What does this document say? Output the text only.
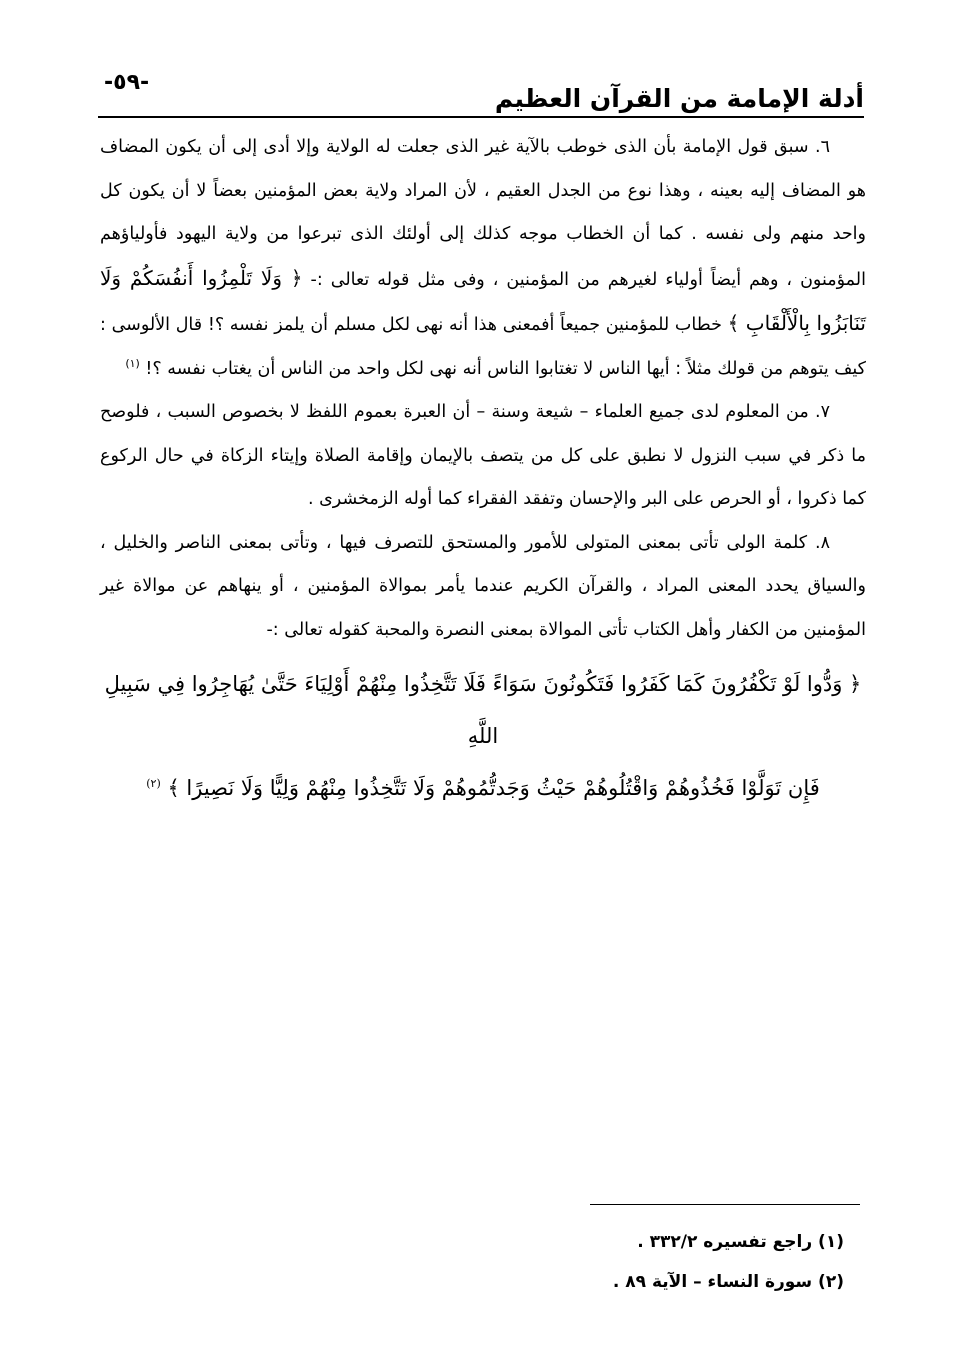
أدلة الإمامة من القرآن العظيم
-٥٩-

٦. سبق قول الإمامة بأن الذى خوطب بالآية غير الذى جعلت له الولاية وإلا أدى إلى أن يكون المضاف هو المضاف إليه بعينه ، وهذا نوع من الجدل العقيم ، لأن المراد ولاية بعض المؤمنين بعضاً لا أن يكون كل واحد منهم ولى نفسه . كما أن الخطاب موجه كذلك إلى أولئك الذى تبرعوا من ولاية اليهود فأولياؤهم المؤمنون ، وهم أيضاً أولياء لغيرهم من المؤمنين ، وفى مثل قوله تعالى :- ﴿ وَلَا تَلْمِزُوا أَنفُسَكُمْ وَلَا تَنَابَزُوا بِالْأَلْقَابِ ﴾ خطاب للمؤمنين جميعاً أفمعنى هذا أنه نهى لكل مسلم أن يلمز نفسه ؟! قال الألوسى : كيف يتوهم من قولك مثلاً : أيها الناس لا تغتابوا الناس أنه نهى لكل واحد من الناس أن يغتاب نفسه ؟! $^{(١)}$

٧. من المعلوم لدى جميع العلماء – شيعة وسنة – أن العبرة بعموم اللفظ لا بخصوص السبب ، فلوصح ما ذكر في سبب النزول لا نطبق على كل من يتصف بالإيمان وإقامة الصلاة وإيتاء الزكاة في حال الركوع كما ذكروا ، أو الحرص على البر والإحسان وتفقد الفقراء كما أوله الزمخشرى .

٨. كلمة الولى تأتى بمعنى المتولى للأمور والمستحق للتصرف فيها ، وتأتى بمعنى الناصر والخليل ، والسياق يحدد المعنى المراد ، والقرآن الكريم عندما يأمر بموالاة المؤمنين ، أو ينهاهم عن موالاة غير المؤمنين من الكفار وأهل الكتاب تأتى الموالاة بمعنى النصرة والمحبة كقوله تعالى :-

﴿ وَدُّوا لَوْ تَكْفُرُونَ كَمَا كَفَرُوا فَتَكُونُونَ سَوَاءً فَلَا تَتَّخِذُوا مِنْهُمْ أَوْلِيَاءَ حَتَّىٰ يُهَاجِرُوا فِي سَبِيلِ اللَّهِ
فَإِن تَوَلَّوْا فَخُذُوهُمْ وَاقْتُلُوهُمْ حَيْثُ وَجَدتُّمُوهُمْ وَلَا تَتَّخِذُوا مِنْهُمْ وَلِيًّا وَلَا نَصِيرًا ﴾ $^{(٢)}$
(١) راجع تفسيره ٣٣٢/٢ .
(٢) سورة النساء – الآية ٨٩ .
